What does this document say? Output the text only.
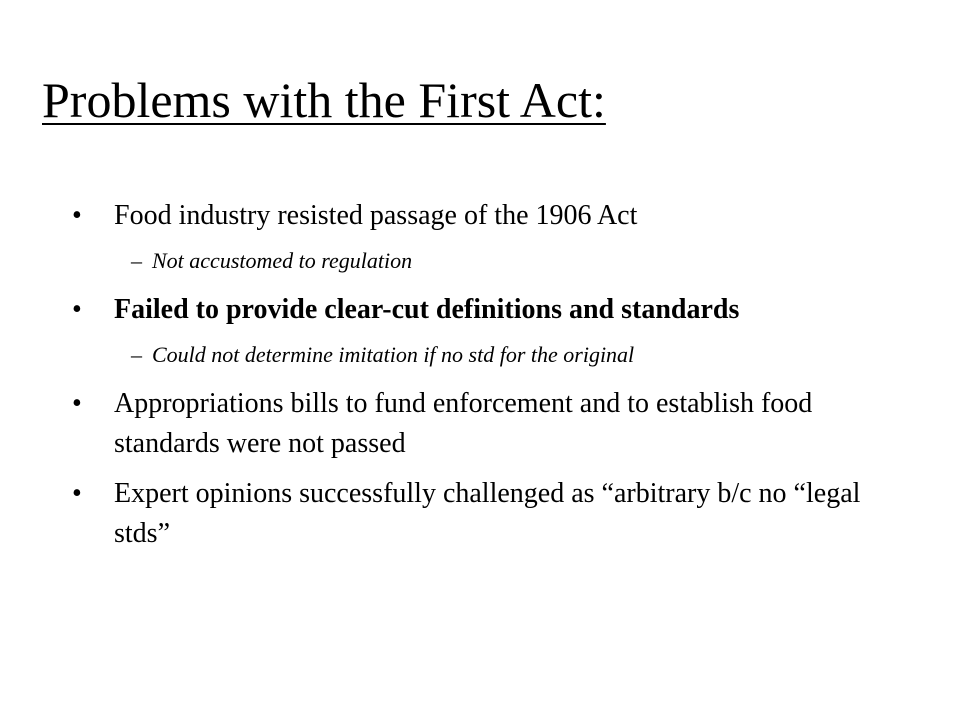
Problems with the First Act:
•	Food industry resisted passage of the 1906 Act
– Not accustomed to regulation
•	Failed to provide clear-cut definitions and standards
– Could not determine imitation if no std for the original
•	Appropriations bills to fund enforcement and to establish food standards were not passed
•	Expert opinions successfully challenged as “arbitrary b/c no “legal stds”
